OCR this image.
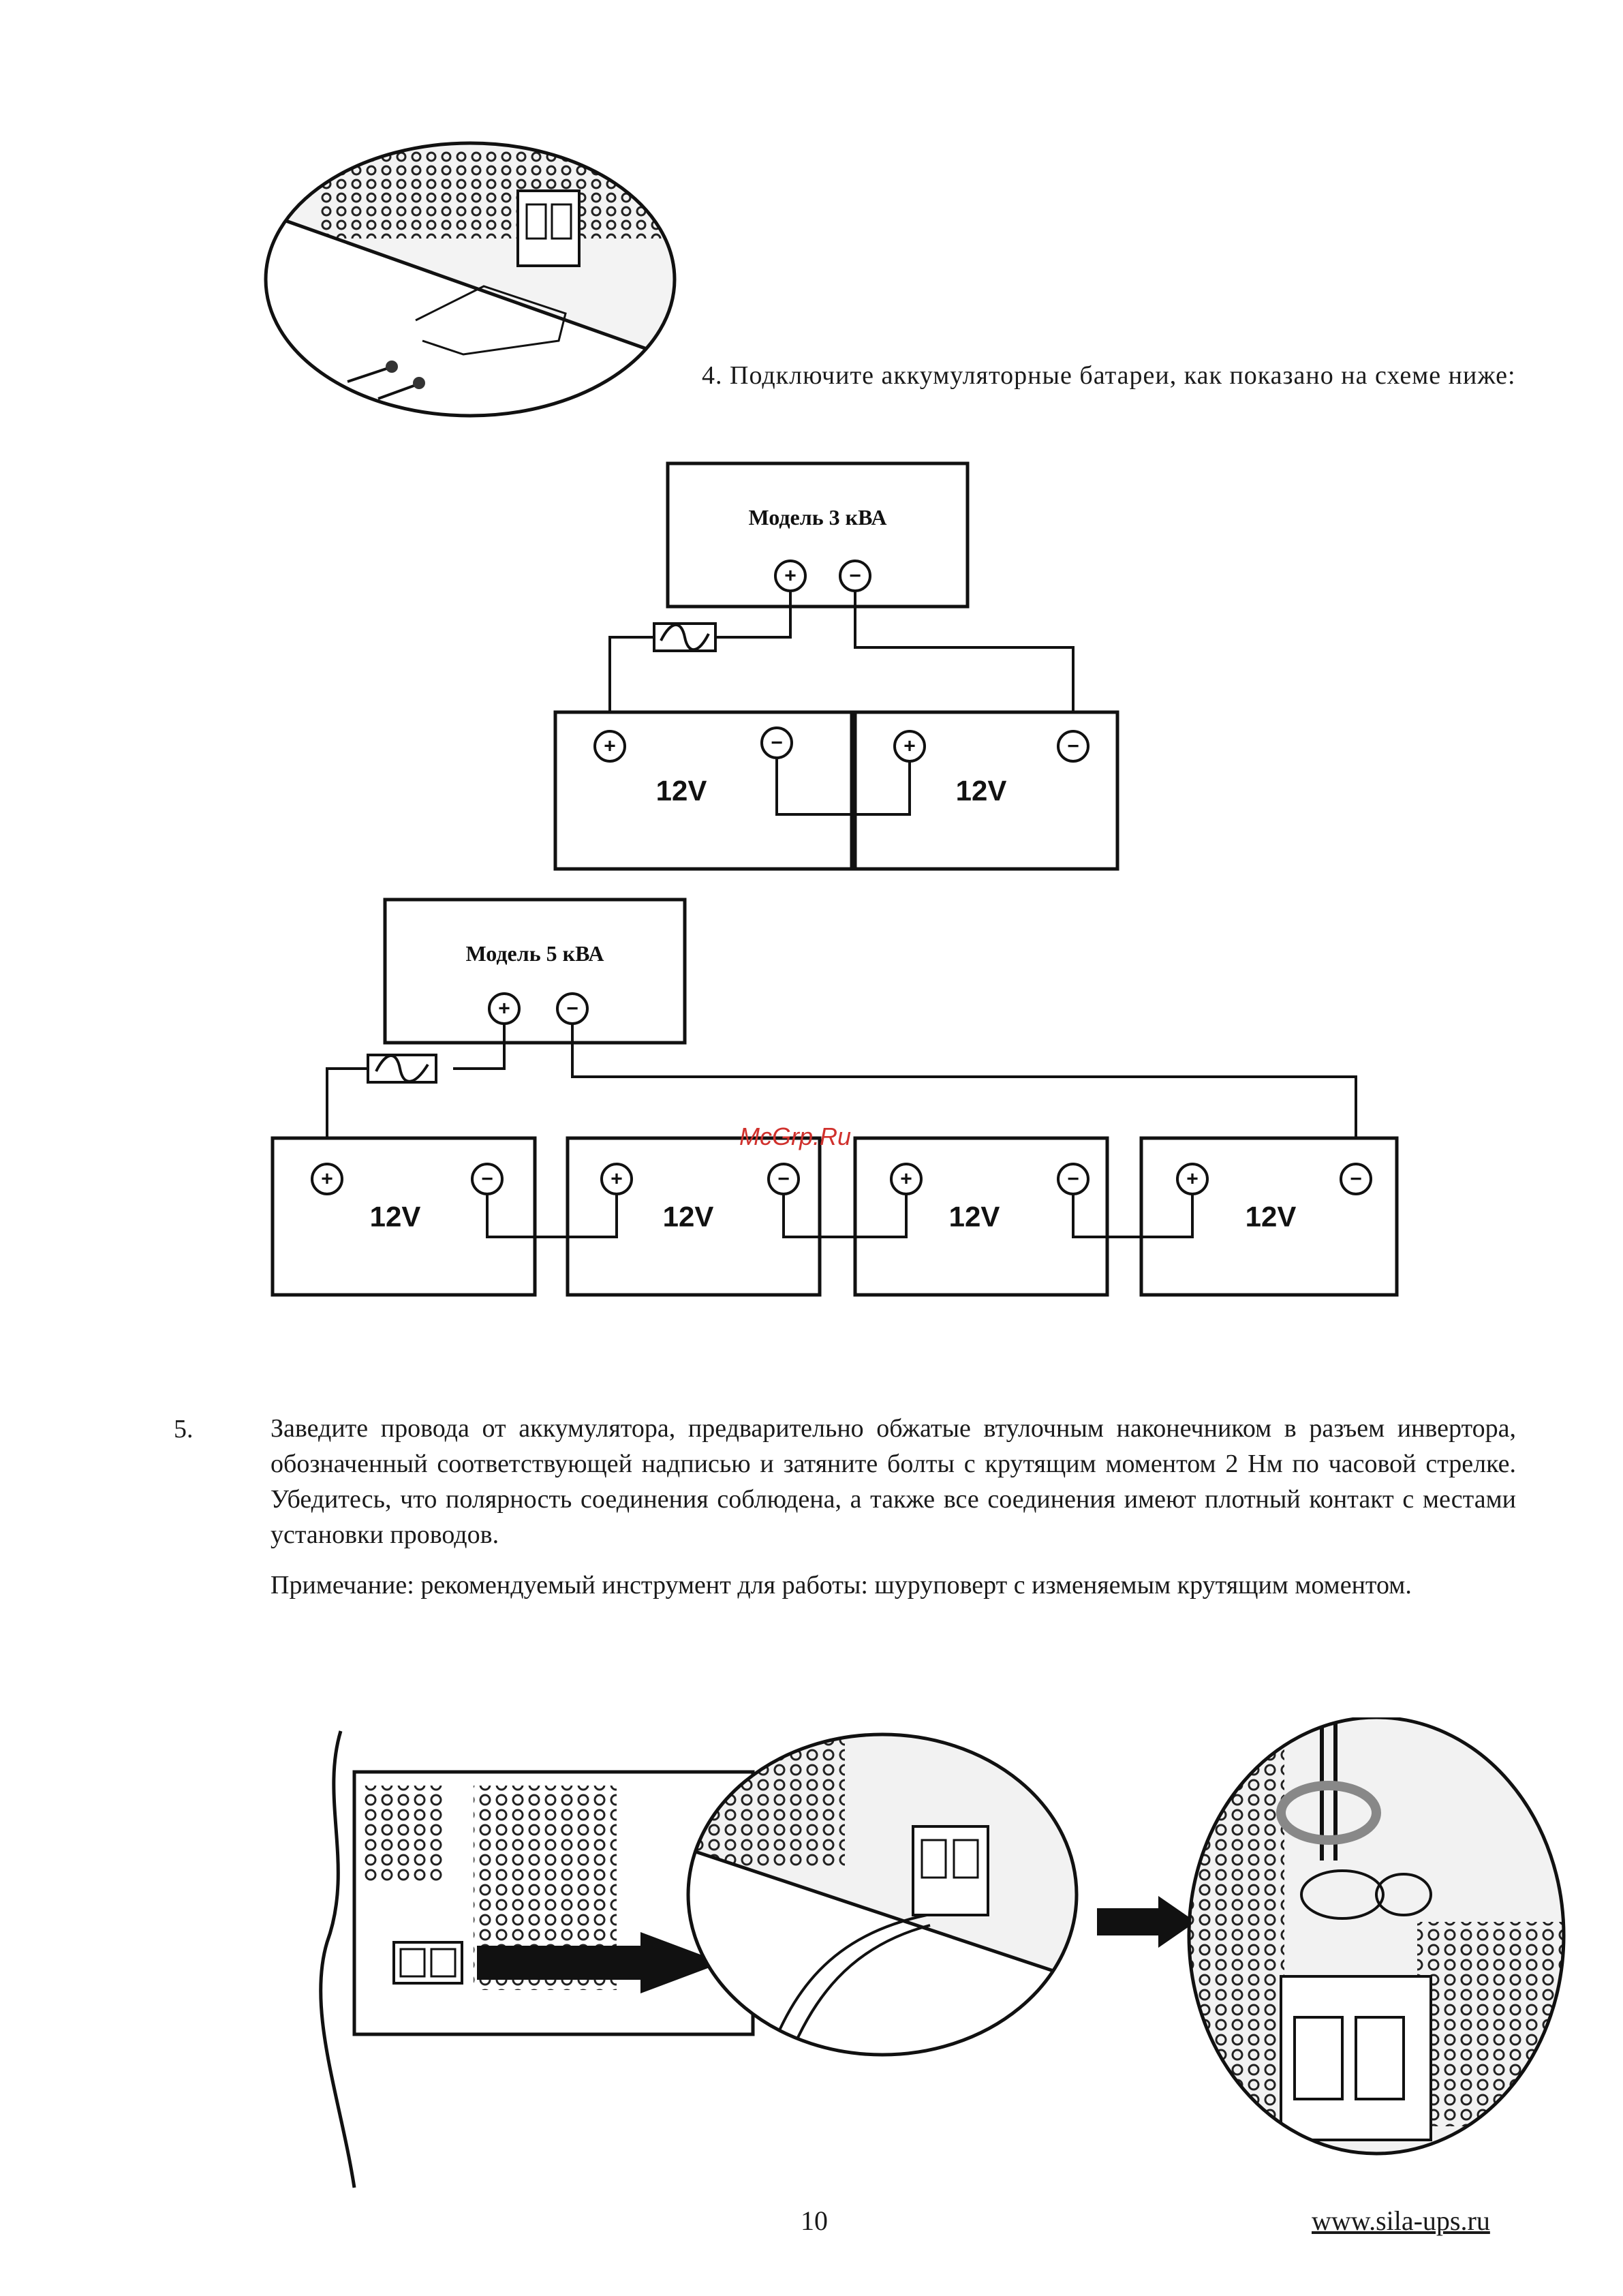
4. Подключите аккумуляторные батареи, как показано на схеме ниже:
Модель 3 кВА
+	−
+	−	+	−
12V	12V
Модель 5 кВА
+	−
+	−	+	−	+	−	+	−
12V	12V	12V	12V
McGrp.Ru
5.	Заведите провода от аккумулятора, предварительно обжатые втулочным наконечником в разъем инвертора, обозначенный соответствующей надписью и затяните болты с крутящим моментом 2 Нм по часовой стрелке. Убедитесь, что полярность соединения соблюдена, а также все соединения имеют плотный контакт с местами установки проводов.
Примечание: рекомендуемый инструмент для работы: шуруповерт с изменяемым крутящим моментом.
10	www.sila-ups.ru
